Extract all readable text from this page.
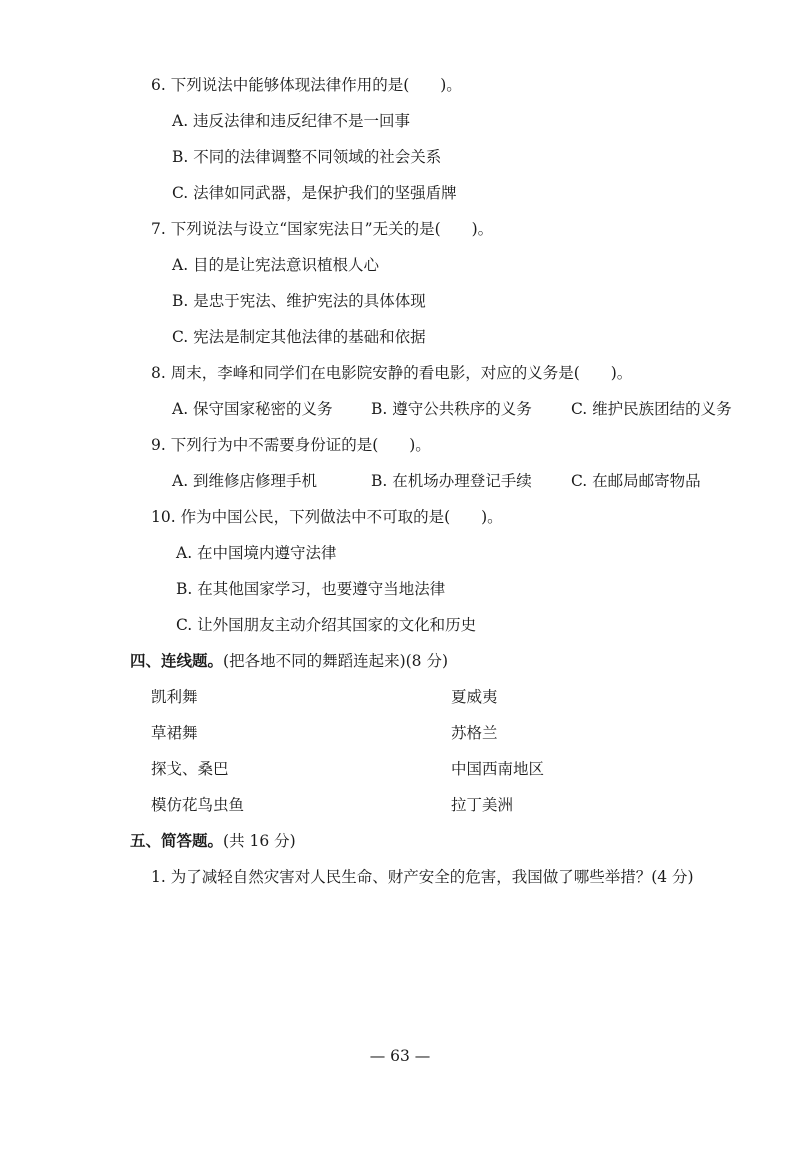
6. 下列说法中能够体现法律作用的是(　　)。
A. 违反法律和违反纪律不是一回事
B. 不同的法律调整不同领域的社会关系
C. 法律如同武器，是保护我们的坚强盾牌
7. 下列说法与设立“国家宪法日”无关的是(　　)。
A. 目的是让宪法意识植根人心
B. 是忠于宪法、维护宪法的具体体现
C. 宪法是制定其他法律的基础和依据
8. 周末，李峰和同学们在电影院安静的看电影，对应的义务是(　　)。
A. 保守国家秘密的义务 B. 遵守公共秩序的义务	C. 维护民族团结的义务
9. 下列行为中不需要身份证的是(　　)。
A. 到维修店修理手机	B. 在机场办理登记手续	C. 在邮局邮寄物品
10. 作为中国公民，下列做法中不可取的是(　　)。
A. 在中国境内遵守法律
B. 在其他国家学习，也要遵守当地法律
C. 让外国朋友主动介绍其国家的文化和历史
四、连线题。(把各地不同的舞蹈连起来)(8 分)
凯利舞	夏威夷
草裙舞	苏格兰
探戈、桑巴	中国西南地区
模仿花鸟虫鱼	拉丁美洲
五、简答题。(共 16 分)
1. 为了减轻自然灾害对人民生命、财产安全的危害，我国做了哪些举措？(4 分)
— 63 —
